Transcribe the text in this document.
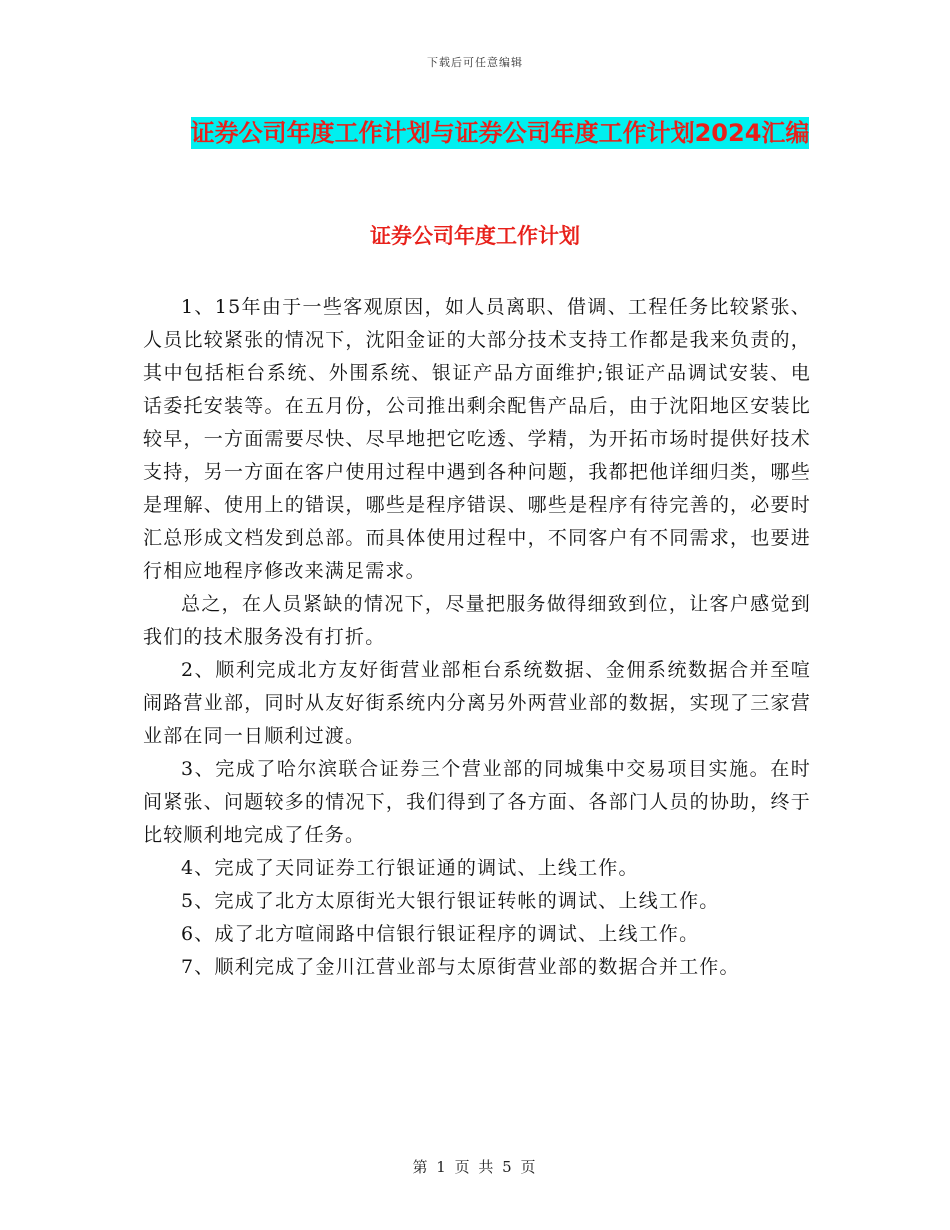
下载后可任意编辑
证券公司年度工作计划与证券公司年度工作计划2024汇编
证券公司年度工作计划

1、15年由于一些客观原因，如人员离职、借调、工程任务比较紧张、人员比较紧张的情况下，沈阳金证的大部分技术支持工作都是我来负责的，其中包括柜台系统、外围系统、银证产品方面维护;银证产品调试安装、电话委托安装等。在五月份，公司推出剩余配售产品后，由于沈阳地区安装比较早，一方面需要尽快、尽早地把它吃透、学精，为开拓市场时提供好技术支持，另一方面在客户使用过程中遇到各种问题，我都把他详细归类，哪些是理解、使用上的错误，哪些是程序错误、哪些是程序有待完善的，必要时汇总形成文档发到总部。而具体使用过程中，不同客户有不同需求，也要进行相应地程序修改来满足需求。

总之，在人员紧缺的情况下，尽量把服务做得细致到位，让客户感觉到我们的技术服务没有打折。

2、顺利完成北方友好街营业部柜台系统数据、金佣系统数据合并至喧闹路营业部，同时从友好街系统内分离另外两营业部的数据，实现了三家营业部在同一日顺利过渡。

3、完成了哈尔滨联合证券三个营业部的同城集中交易项目实施。在时间紧张、问题较多的情况下，我们得到了各方面、各部门人员的协助，终于比较顺利地完成了任务。

4、完成了天同证券工行银证通的调试、上线工作。

5、完成了北方太原街光大银行银证转帐的调试、上线工作。

6、成了北方喧闹路中信银行银证程序的调试、上线工作。

7、顺利完成了金川江营业部与太原街营业部的数据合并工作。

第 1 页 共 5 页
